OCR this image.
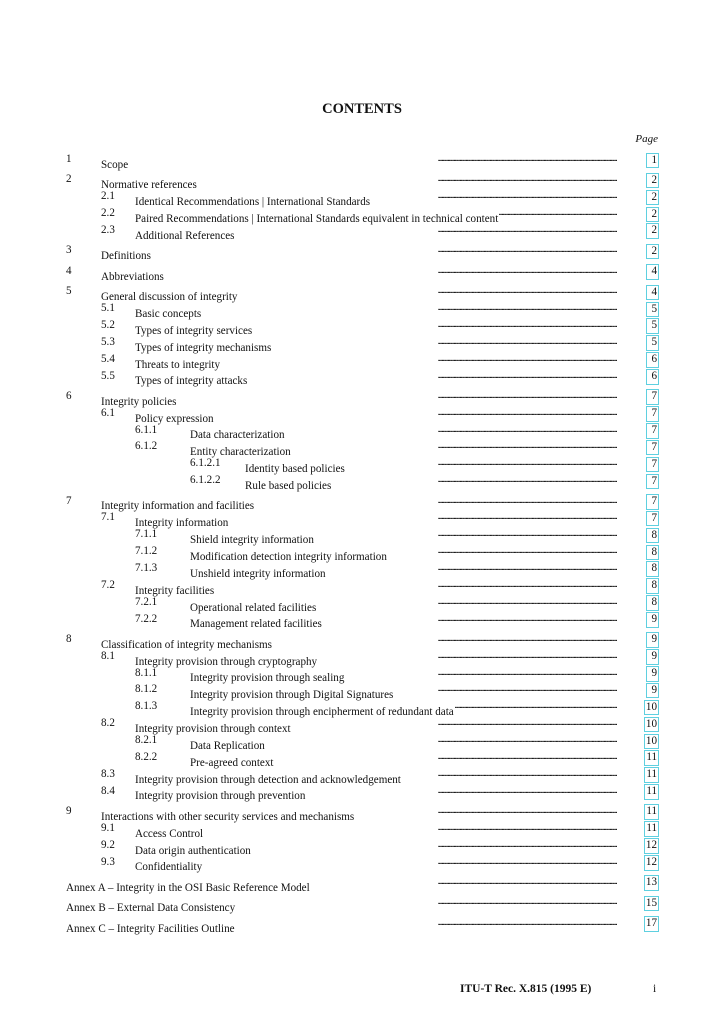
CONTENTS
Page
1	Scope . . .	1
2	Normative references . . .	2
2.1 Identical Recommendations | International Standards . . .	2
2.2 Paired Recommendations | International Standards equivalent in technical content . . .	2
2.3 Additional References . . .	2
3	Definitions . . .	2
4	Abbreviations . . .	4
5	General discussion of integrity . . .	4
5.1 Basic concepts . . .	5
5.2 Types of integrity services . . .	5
5.3 Types of integrity mechanisms . . .	5
5.4 Threats to integrity . . .	6
5.5 Types of integrity attacks . . .	6
6	Integrity policies . . .	7
6.1 Policy expression . . .	7
6.1.1	Data characterization . . .	7
6.1.2	Entity characterization . . .	7
6.1.2.1 Identity based policies . . .	7
6.1.2.2 Rule based policies . . .	7
7	Integrity information and facilities . . .	7
7.1 Integrity information . . .	7
7.1.1	Shield integrity information . . .	8
7.1.2	Modification detection integrity information . . .	8
7.1.3	Unshield integrity information . . .	8
7.2 Integrity facilities . . .	8
7.2.1	Operational related facilities . . .	8
7.2.2	Management related facilities . . .	9
8	Classification of integrity mechanisms . . .	9
8.1 Integrity provision through cryptography . . .	9
8.1.1	Integrity provision through sealing . . .	9
8.1.2	Integrity provision through Digital Signatures . . .	9
8.1.3	Integrity provision through encipherment of redundant data . . .	10
8.2 Integrity provision through context . . .	10
8.2.1	Data Replication . . .	10
8.2.2	Pre-agreed context . . .	11
8.3 Integrity provision through detection and acknowledgement . . .	11
8.4 Integrity provision through prevention . . .	11
9	Interactions with other security services and mechanisms . . .	11
9.1 Access Control . . .	11
9.2 Data origin authentication . . .	12
9.3 Confidentiality . . .	12
Annex A – Integrity in the OSI Basic Reference Model . . .	13
Annex B – External Data Consistency . . .	15
Annex C – Integrity Facilities Outline . . .	17
ITU-T Rec. X.815 (1995 E)	i
